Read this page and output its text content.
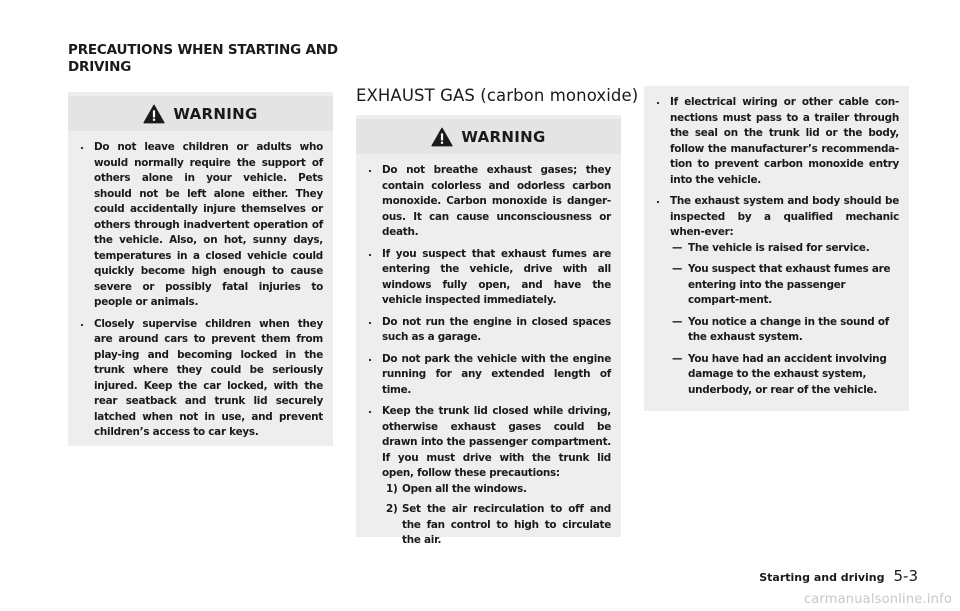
PRECAUTIONS WHEN STARTING AND
DRIVING
WARNING
. Do not leave children or adults who would normally require the support of others alone in your vehicle. Pets should not be left alone either. They could accidentally injure themselves or others through inadvertent operation of the vehicle. Also, on hot, sunny days, temperatures in a closed vehicle could quickly become high enough to cause severe or possibly fatal injuries to people or animals.
. Closely supervise children when they are around cars to prevent them from play-ing and becoming locked in the trunk where they could be seriously injured. Keep the car locked, with the rear seatback and trunk lid securely latched when not in use, and prevent children’s access to car keys.
EXHAUST GAS (carbon monoxide)
WARNING
. Do not breathe exhaust gases; they contain colorless and odorless carbon monoxide. Carbon monoxide is danger-ous. It can cause unconsciousness or death.
. If you suspect that exhaust fumes are entering the vehicle, drive with all windows fully open, and have the vehicle inspected immediately.
. Do not run the engine in closed spaces such as a garage.
. Do not park the vehicle with the engine running for any extended length of time.
. Keep the trunk lid closed while driving, otherwise exhaust gases could be drawn into the passenger compartment. If you must drive with the trunk lid open, follow these precautions:
1) Open all the windows.
2) Set the air recirculation to off and the fan control to high to circulate the air.
. If electrical wiring or other cable con-nections must pass to a trailer through the seal on the trunk lid or the body, follow the manufacturer’s recommenda-tion to prevent carbon monoxide entry into the vehicle.
. The exhaust system and body should be inspected by a qualified mechanic when-ever:
— The vehicle is raised for service.
— You suspect that exhaust fumes are entering into the passenger compart-ment.
— You notice a change in the sound of the exhaust system.
— You have had an accident involving damage to the exhaust system, underbody, or rear of the vehicle.
Starting and driving 5-3
carmanualsonline.info
